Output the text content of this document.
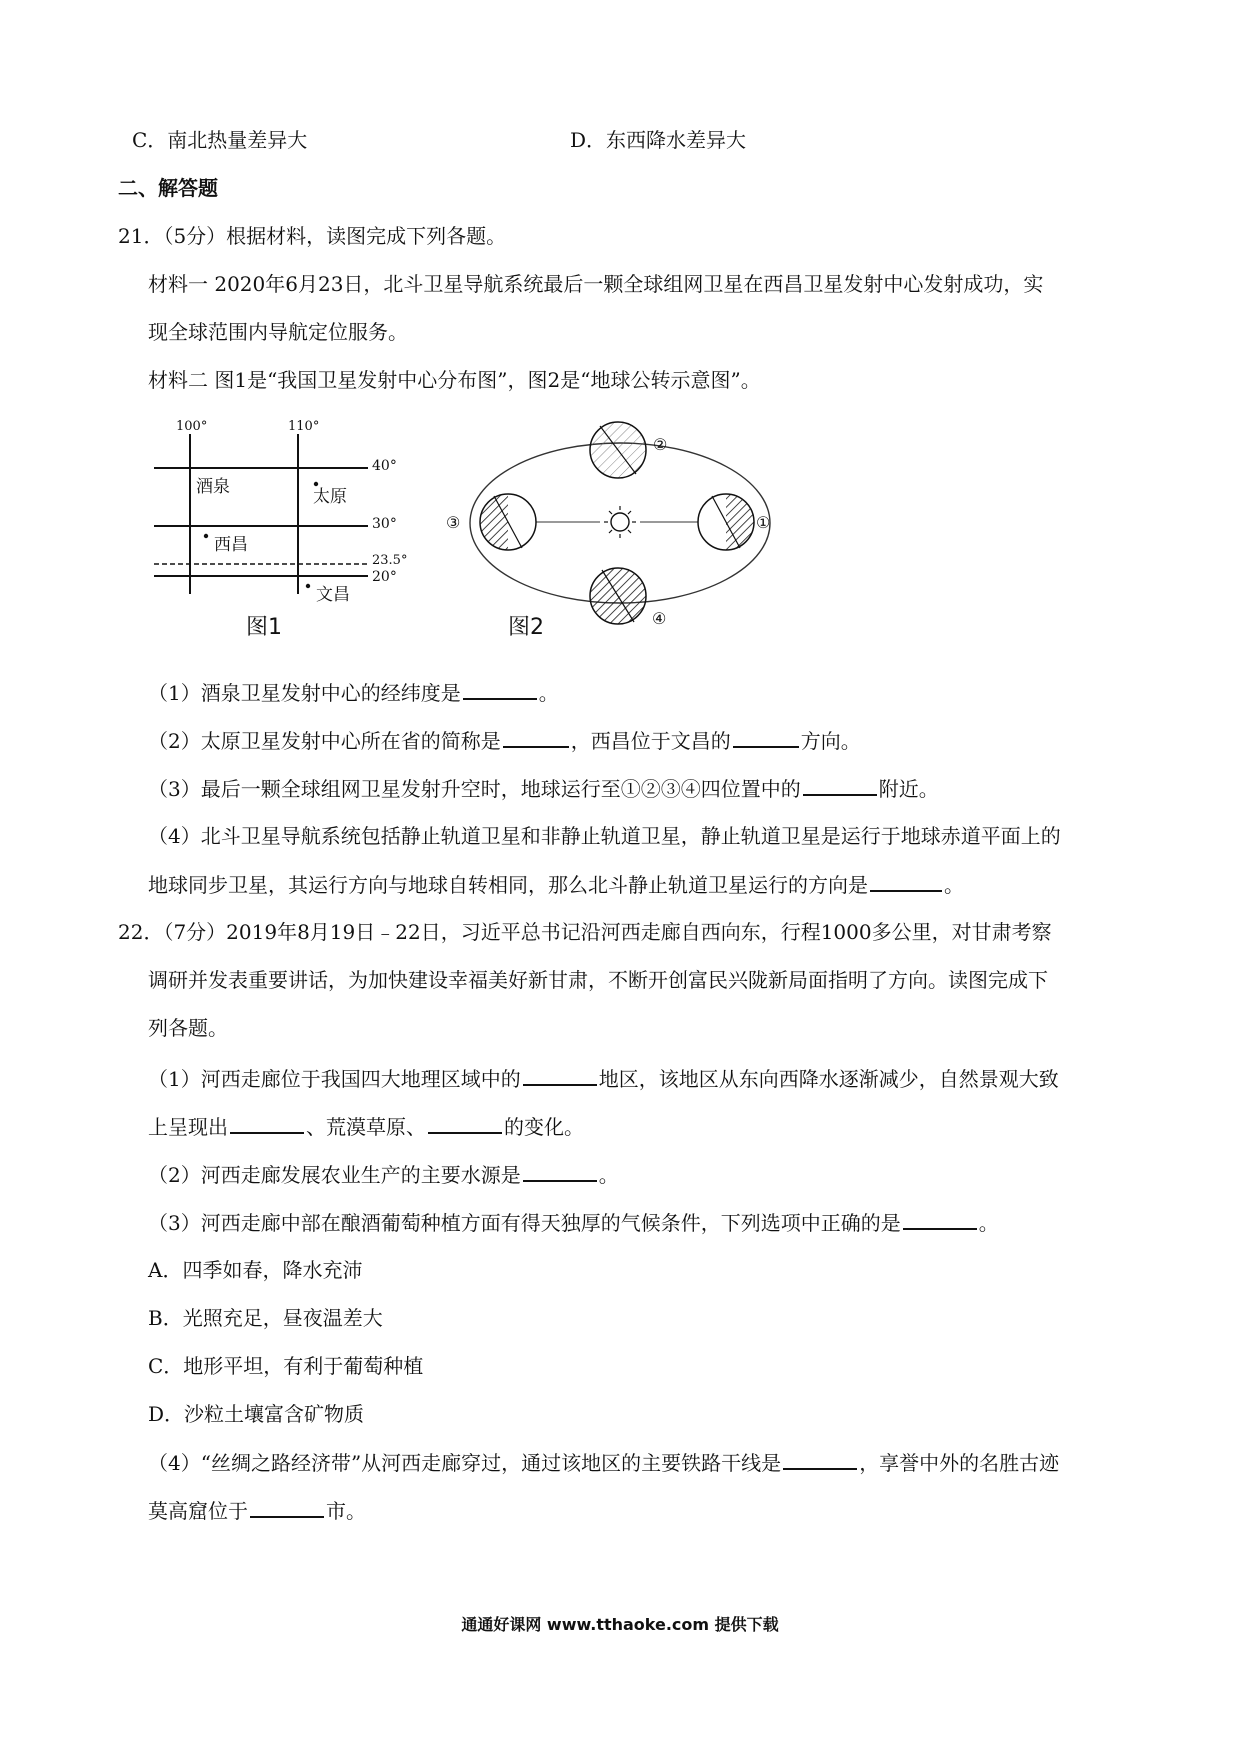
C．南北热量差异大	D．东西降水差异大
二、解答题
21．（5分）根据材料，读图完成下列各题。
材料一 2020年6月23日，北斗卫星导航系统最后一颗全球组网卫星在西昌卫星发射中心发射成功，实
现全球范围内导航定位服务。
材料二 图1是“我国卫星发射中心分布图”，图2是“地球公转示意图”。
100°	110°
40°
30°
23.5°
20°
酒泉	太原
西昌
文昌
图1
②
③	①
④
图2
（1）酒泉卫星发射中心的经纬度是	。
（2）太原卫星发射中心所在省的简称是	，西昌位于文昌的	方向。
（3）最后一颗全球组网卫星发射升空时，地球运行至①②③④四位置中的	附近。
（4）北斗卫星导航系统包括静止轨道卫星和非静止轨道卫星，静止轨道卫星是运行于地球赤道平面上的
地球同步卫星，其运行方向与地球自转相同，那么北斗静止轨道卫星运行的方向是	。
22．（7分）2019年8月19日﹣22日，习近平总书记沿河西走廊自西向东，行程1000多公里，对甘肃考察
调研并发表重要讲话，为加快建设幸福美好新甘肃，不断开创富民兴陇新局面指明了方向。读图完成下
列各题。
（1）河西走廊位于我国四大地理区域中的	地区，该地区从东向西降水逐渐减少，自然景观大致
上呈现出	、荒漠草原、	的变化。
（2）河西走廊发展农业生产的主要水源是	。
（3）河西走廊中部在酿酒葡萄种植方面有得天独厚的气候条件，下列选项中正确的是	。
A．四季如春，降水充沛
B．光照充足，昼夜温差大
C．地形平坦，有利于葡萄种植
D．沙粒土壤富含矿物质
（4）“丝绸之路经济带”从河西走廊穿过，通过该地区的主要铁路干线是	，享誉中外的名胜古迹
莫高窟位于	市。
通通好课网 www.tthaoke.com 提供下载
